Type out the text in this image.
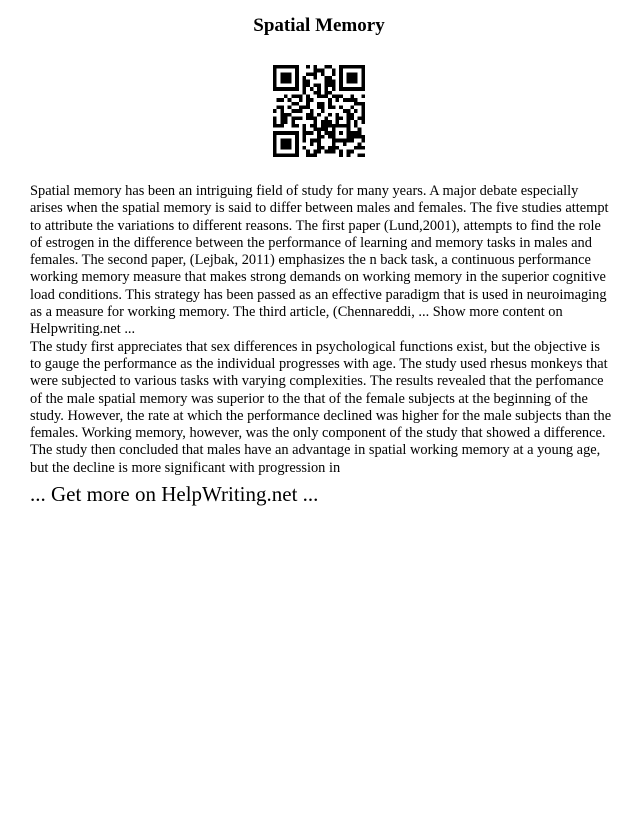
Spatial Memory

Spatial memory has been an intriguing field of study for many years. A major debate especially arises when the spatial memory is said to differ between males and females. The five studies attempt to attribute the variations to different reasons. The first paper (Lund,2001), attempts to find the role of estrogen in the difference between the performance of learning and memory tasks in males and females. The second paper, (Lejbak, 2011) emphasizes the n back task, a continuous performance working memory measure that makes strong demands on working memory in the superior cognitive load conditions. This strategy has been passed as an effective paradigm that is used in neuroimaging as a measure for working memory. The third article, (Chennareddi, ... Show more content on Helpwriting.net ...

The study first appreciates that sex differences in psychological functions exist, but the objective is to gauge the performance as the individual progresses with age. The study used rhesus monkeys that were subjected to various tasks with varying complexities. The results revealed that the perfomance of the male spatial memory was superior to the that of the female subjects at the beginning of the study. However, the rate at which the performance declined was higher for the male subjects than the females. Working memory, however, was the only component of the study that showed a difference. The study then concluded that males have an advantage in spatial working memory at a young age, but the decline is more significant with progression in

... Get more on HelpWriting.net ...
